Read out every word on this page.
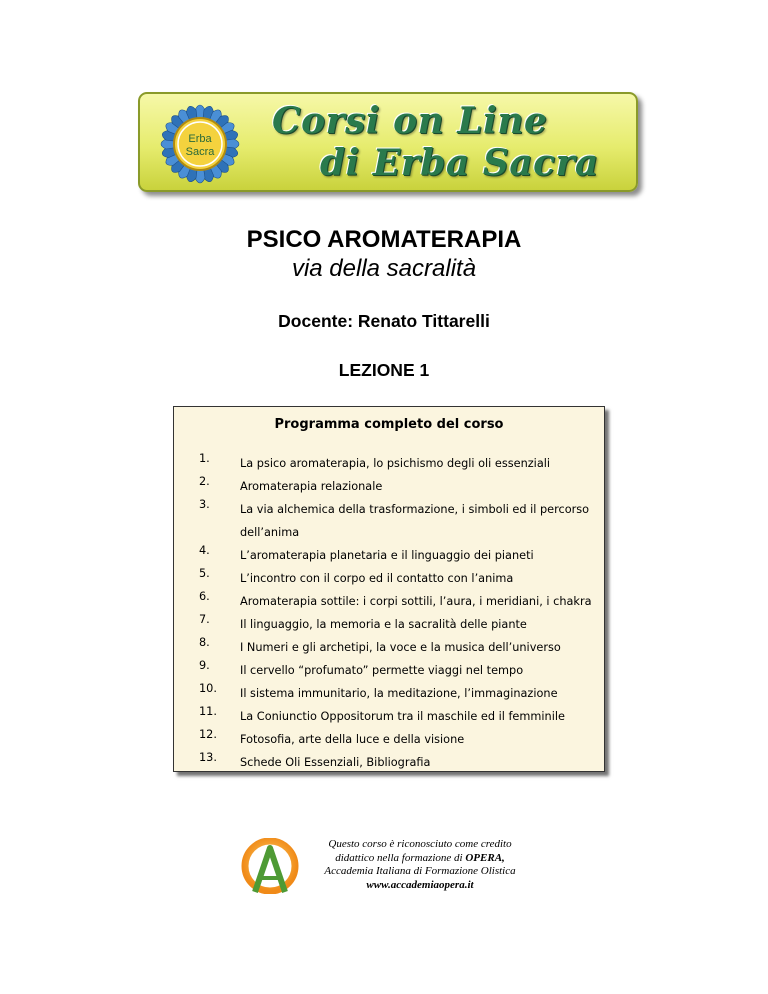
Erba
Sacra
Corsi on Line
di Erba Sacra
PSICO AROMATERAPIA
via della sacralità
Docente: Renato Tittarelli
LEZIONE 1
Programma completo del corso
1.	La psico aromaterapia, lo psichismo degli oli essenziali
2.	Aromaterapia relazionale
3.	La via alchemica della trasformazione, i simboli ed il percorso dell’anima
4.	L’aromaterapia planetaria e il linguaggio dei pianeti
5.	L’incontro con il corpo ed il contatto con l’anima
6.	Aromaterapia sottile: i corpi sottili, l’aura, i meridiani, i chakra
7.	Il linguaggio, la memoria e la sacralità delle piante
8.	I Numeri e gli archetipi, la voce e la musica dell’universo
9.	Il cervello “profumato” permette viaggi nel tempo
10. Il sistema immunitario, la meditazione, l’immaginazione
11. La Coniunctio Oppositorum tra il maschile ed il femminile
12. Fotosofia, arte della luce e della visione
13. Schede Oli Essenziali, Bibliografia
Questo corso è riconosciuto come credito
didattico nella formazione di OPERA,
Accademia Italiana di Formazione Olistica
www.accademiaopera.it
